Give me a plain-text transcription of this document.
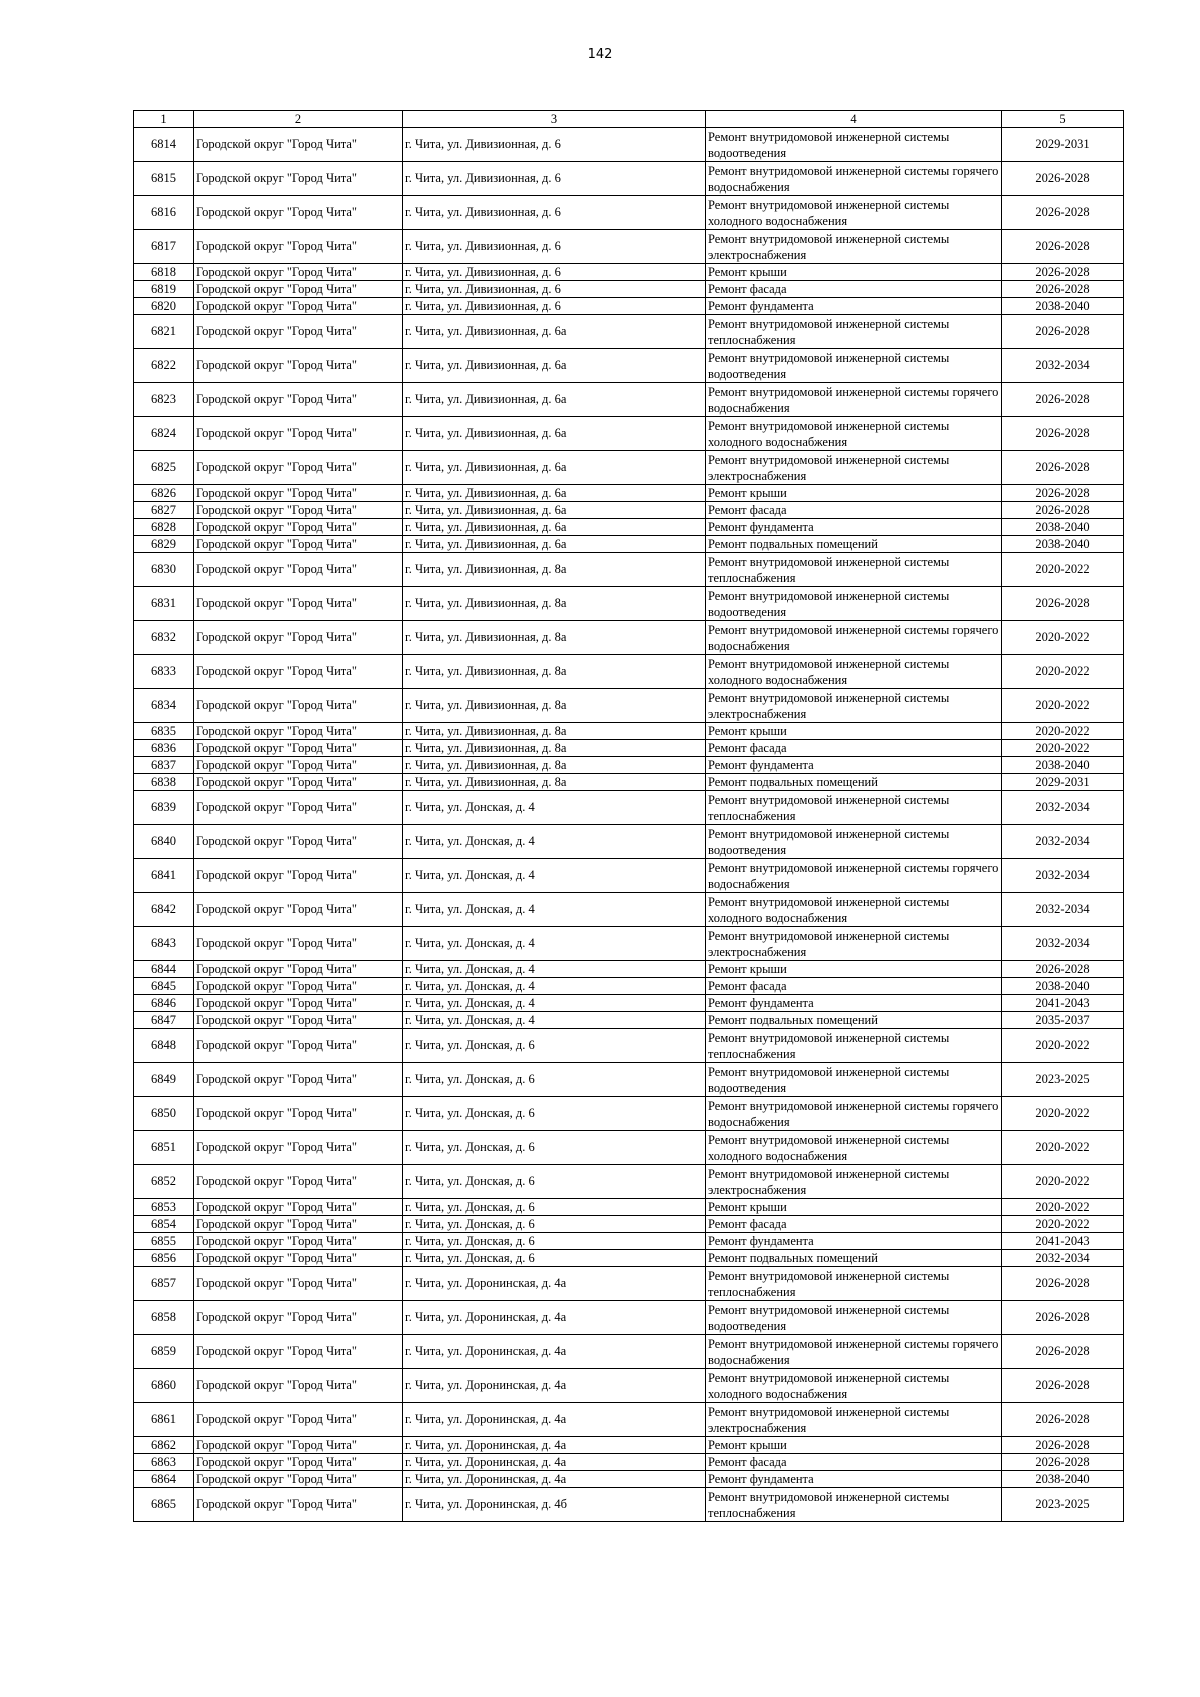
142
1	2	3	4	5
6814	Городской округ "Город Чита"	г. Чита, ул. Дивизионная, д. 6	Ремонт внутридомовой инженерной системы водоотведения	2029-2031
6815	Городской округ "Город Чита"	г. Чита, ул. Дивизионная, д. 6	Ремонт внутридомовой инженерной системы горячего водоснабжения	2026-2028
6816	Городской округ "Город Чита"	г. Чита, ул. Дивизионная, д. 6	Ремонт внутридомовой инженерной системы холодного водоснабжения	2026-2028
6817	Городской округ "Город Чита"	г. Чита, ул. Дивизионная, д. 6	Ремонт внутридомовой инженерной системы электроснабжения	2026-2028
6818	Городской округ "Город Чита"	г. Чита, ул. Дивизионная, д. 6	Ремонт крыши	2026-2028
6819	Городской округ "Город Чита"	г. Чита, ул. Дивизионная, д. 6	Ремонт фасада	2026-2028
6820	Городской округ "Город Чита"	г. Чита, ул. Дивизионная, д. 6	Ремонт фундамента	2038-2040
6821	Городской округ "Город Чита"	г. Чита, ул. Дивизионная, д. 6а	Ремонт внутридомовой инженерной системы теплоснабжения	2026-2028
6822	Городской округ "Город Чита"	г. Чита, ул. Дивизионная, д. 6а	Ремонт внутридомовой инженерной системы водоотведения	2032-2034
6823	Городской округ "Город Чита"	г. Чита, ул. Дивизионная, д. 6а	Ремонт внутридомовой инженерной системы горячего водоснабжения	2026-2028
6824	Городской округ "Город Чита"	г. Чита, ул. Дивизионная, д. 6а	Ремонт внутридомовой инженерной системы холодного водоснабжения	2026-2028
6825	Городской округ "Город Чита"	г. Чита, ул. Дивизионная, д. 6а	Ремонт внутридомовой инженерной системы электроснабжения	2026-2028
6826	Городской округ "Город Чита"	г. Чита, ул. Дивизионная, д. 6а	Ремонт крыши	2026-2028
6827	Городской округ "Город Чита"	г. Чита, ул. Дивизионная, д. 6а	Ремонт фасада	2026-2028
6828	Городской округ "Город Чита"	г. Чита, ул. Дивизионная, д. 6а	Ремонт фундамента	2038-2040
6829	Городской округ "Город Чита"	г. Чита, ул. Дивизионная, д. 6а	Ремонт подвальных помещений	2038-2040
6830	Городской округ "Город Чита"	г. Чита, ул. Дивизионная, д. 8а	Ремонт внутридомовой инженерной системы теплоснабжения	2020-2022
6831	Городской округ "Город Чита"	г. Чита, ул. Дивизионная, д. 8а	Ремонт внутридомовой инженерной системы водоотведения	2026-2028
6832	Городской округ "Город Чита"	г. Чита, ул. Дивизионная, д. 8а	Ремонт внутридомовой инженерной системы горячего водоснабжения	2020-2022
6833	Городской округ "Город Чита"	г. Чита, ул. Дивизионная, д. 8а	Ремонт внутридомовой инженерной системы холодного водоснабжения	2020-2022
6834	Городской округ "Город Чита"	г. Чита, ул. Дивизионная, д. 8а	Ремонт внутридомовой инженерной системы электроснабжения	2020-2022
6835	Городской округ "Город Чита"	г. Чита, ул. Дивизионная, д. 8а	Ремонт крыши	2020-2022
6836	Городской округ "Город Чита"	г. Чита, ул. Дивизионная, д. 8а	Ремонт фасада	2020-2022
6837	Городской округ "Город Чита"	г. Чита, ул. Дивизионная, д. 8а	Ремонт фундамента	2038-2040
6838	Городской округ "Город Чита"	г. Чита, ул. Дивизионная, д. 8а	Ремонт подвальных помещений	2029-2031
6839	Городской округ "Город Чита"	г. Чита, ул. Донская, д. 4	Ремонт внутридомовой инженерной системы теплоснабжения	2032-2034
6840	Городской округ "Город Чита"	г. Чита, ул. Донская, д. 4	Ремонт внутридомовой инженерной системы водоотведения	2032-2034
6841	Городской округ "Город Чита"	г. Чита, ул. Донская, д. 4	Ремонт внутридомовой инженерной системы горячего водоснабжения	2032-2034
6842	Городской округ "Город Чита"	г. Чита, ул. Донская, д. 4	Ремонт внутридомовой инженерной системы холодного водоснабжения	2032-2034
6843	Городской округ "Город Чита"	г. Чита, ул. Донская, д. 4	Ремонт внутридомовой инженерной системы электроснабжения	2032-2034
6844	Городской округ "Город Чита"	г. Чита, ул. Донская, д. 4	Ремонт крыши	2026-2028
6845	Городской округ "Город Чита"	г. Чита, ул. Донская, д. 4	Ремонт фасада	2038-2040
6846	Городской округ "Город Чита"	г. Чита, ул. Донская, д. 4	Ремонт фундамента	2041-2043
6847	Городской округ "Город Чита"	г. Чита, ул. Донская, д. 4	Ремонт подвальных помещений	2035-2037
6848	Городской округ "Город Чита"	г. Чита, ул. Донская, д. 6	Ремонт внутридомовой инженерной системы теплоснабжения	2020-2022
6849	Городской округ "Город Чита"	г. Чита, ул. Донская, д. 6	Ремонт внутридомовой инженерной системы водоотведения	2023-2025
6850	Городской округ "Город Чита"	г. Чита, ул. Донская, д. 6	Ремонт внутридомовой инженерной системы горячего водоснабжения	2020-2022
6851	Городской округ "Город Чита"	г. Чита, ул. Донская, д. 6	Ремонт внутридомовой инженерной системы холодного водоснабжения	2020-2022
6852	Городской округ "Город Чита"	г. Чита, ул. Донская, д. 6	Ремонт внутридомовой инженерной системы электроснабжения	2020-2022
6853	Городской округ "Город Чита"	г. Чита, ул. Донская, д. 6	Ремонт крыши	2020-2022
6854	Городской округ "Город Чита"	г. Чита, ул. Донская, д. 6	Ремонт фасада	2020-2022
6855	Городской округ "Город Чита"	г. Чита, ул. Донская, д. 6	Ремонт фундамента	2041-2043
6856	Городской округ "Город Чита"	г. Чита, ул. Донская, д. 6	Ремонт подвальных помещений	2032-2034
6857	Городской округ "Город Чита"	г. Чита, ул. Доронинская, д. 4а	Ремонт внутридомовой инженерной системы теплоснабжения	2026-2028
6858	Городской округ "Город Чита"	г. Чита, ул. Доронинская, д. 4а	Ремонт внутридомовой инженерной системы водоотведения	2026-2028
6859	Городской округ "Город Чита"	г. Чита, ул. Доронинская, д. 4а	Ремонт внутридомовой инженерной системы горячего водоснабжения	2026-2028
6860	Городской округ "Город Чита"	г. Чита, ул. Доронинская, д. 4а	Ремонт внутридомовой инженерной системы холодного водоснабжения	2026-2028
6861	Городской округ "Город Чита"	г. Чита, ул. Доронинская, д. 4а	Ремонт внутридомовой инженерной системы электроснабжения	2026-2028
6862	Городской округ "Город Чита"	г. Чита, ул. Доронинская, д. 4а	Ремонт крыши	2026-2028
6863	Городской округ "Город Чита"	г. Чита, ул. Доронинская, д. 4а	Ремонт фасада	2026-2028
6864	Городской округ "Город Чита"	г. Чита, ул. Доронинская, д. 4а	Ремонт фундамента	2038-2040
6865	Городской округ "Город Чита"	г. Чита, ул. Доронинская, д. 4б	Ремонт внутридомовой инженерной системы теплоснабжения	2023-2025
